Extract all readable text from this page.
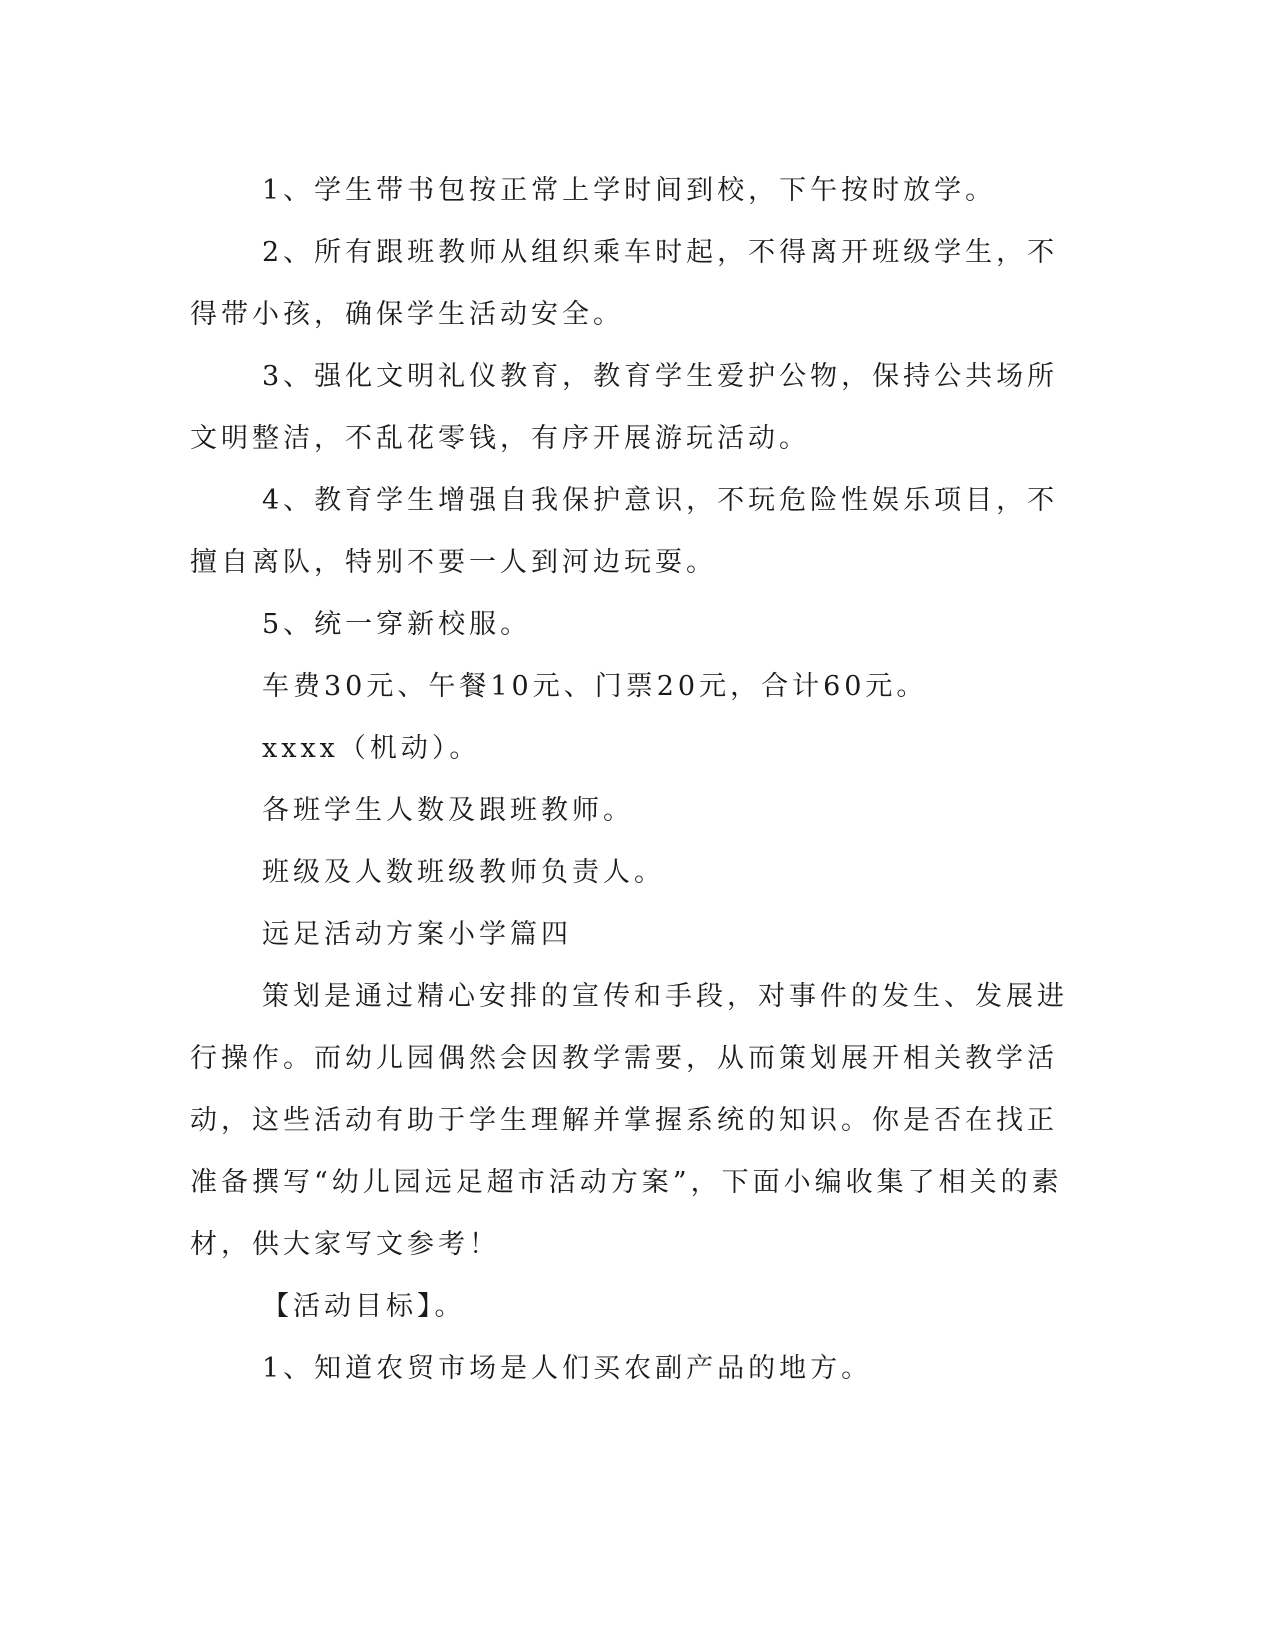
1、学生带书包按正常上学时间到校，下午按时放学。

2、所有跟班教师从组织乘车时起，不得离开班级学生，不得带小孩，确保学生活动安全。

3、强化文明礼仪教育，教育学生爱护公物，保持公共场所文明整洁，不乱花零钱，有序开展游玩活动。

4、教育学生增强自我保护意识，不玩危险性娱乐项目，不擅自离队，特别不要一人到河边玩耍。

5、统一穿新校服。

车费30元、午餐10元、门票20元，合计60元。

xxxx（机动）。

各班学生人数及跟班教师。

班级及人数班级教师负责人。

远足活动方案小学篇四

策划是通过精心安排的宣传和手段，对事件的发生、发展进行操作。而幼儿园偶然会因教学需要，从而策划展开相关教学活动，这些活动有助于学生理解并掌握系统的知识。你是否在找正准备撰写“幼儿园远足超市活动方案”，下面小编收集了相关的素材，供大家写文参考！

【活动目标】。

1、知道农贸市场是人们买农副产品的地方。
